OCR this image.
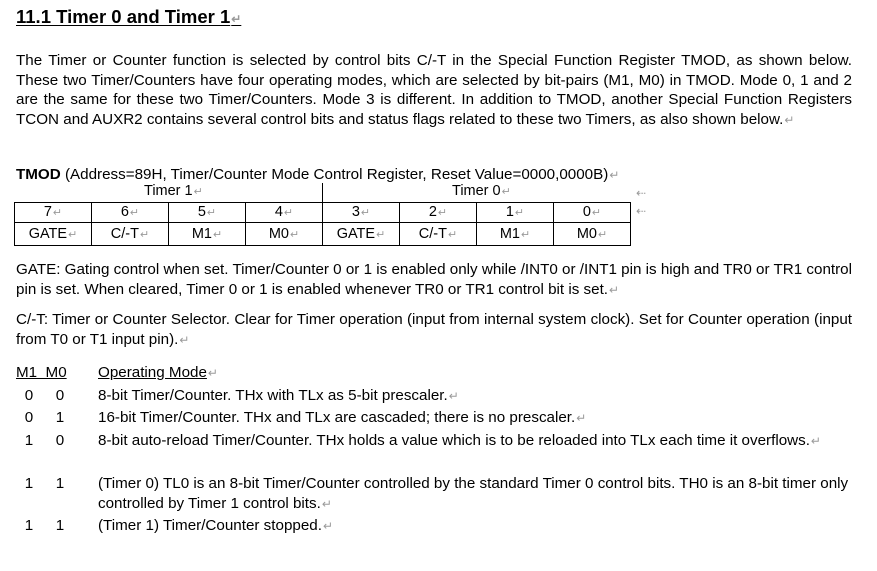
11.1 Timer 0 and Timer 1↵

The Timer or Counter function is selected by control bits C/-T in the Special Function Register TMOD, as shown below. These two Timer/Counters have four operating modes, which are selected by bit-pairs (M1, M0) in TMOD. Mode 0, 1 and 2 are the same for these two Timer/Counters. Mode 3 is different. In addition to TMOD, another Special Function Registers TCON and AUXR2 contains several control bits and status flags related to these two Timers, as also shown below.↵

TMOD (Address=89H, Timer/Counter Mode Control Register, Reset Value=0000,0000B)↵
Timer 1↵	Timer 0↵
7↵	6↵	5↵	4↵	3↵	2↵	1↵	0↵
GATE↵	C/-T↵	M1↵	M0↵	GATE↵	C/-T↵	M1↵	M0↵
⇠
⇠

GATE: Gating control when set. Timer/Counter 0 or 1 is enabled only while /INT0 or /INT1 pin is high and TR0 or TR1 control pin is set. When cleared, Timer 0 or 1 is enabled whenever TR0 or TR1 control bit is set.↵

C/-T: Timer or Counter Selector. Clear for Timer operation (input from internal system clock). Set for Counter operation (input from T0 or T1 input pin).↵

M1  M0 Operating Mode↵
0 0 8-bit Timer/Counter. THx with TLx as 5-bit prescaler.↵
0 1 16-bit Timer/Counter. THx and TLx are cascaded; there is no prescaler.↵
1 0 8-bit auto-reload Timer/Counter. THx holds a value which is to be reloaded into TLx each time it overflows.↵
1 1 (Timer 0) TL0 is an 8-bit Timer/Counter controlled by the standard Timer 0 control bits. TH0 is an 8-bit timer only controlled by Timer 1 control bits.↵
1 1 (Timer 1) Timer/Counter stopped.↵
